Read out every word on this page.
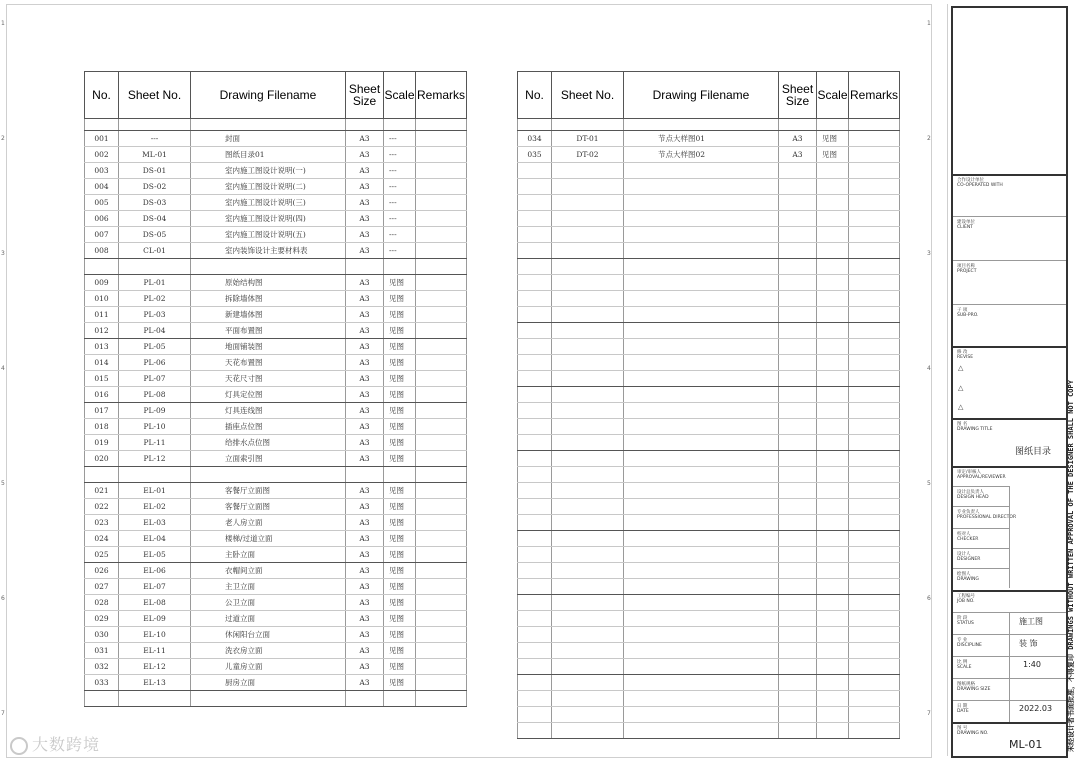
1
2
3
4
5
6
7
1
2
3
4
5
6
7
No.	Sheet No.	Drawing Filename	Sheet Size	Scale	Remarks

001	---	封面	A3	---	
002	ML-01	图纸目录01	A3	---	
003	DS-01	室内施工图设计说明(一)	A3	---	
004	DS-02	室内施工图设计说明(二)	A3	---	
005	DS-03	室内施工图设计说明(三)	A3	---	
006	DS-04	室内施工图设计说明(四)	A3	---	
007	DS-05	室内施工图设计说明(五)	A3	---	
008	CL-01	室内装饰设计主要材料表	A3	---	

009	PL-01	原始结构图	A3	见图	
010	PL-02	拆除墙体图	A3	见图	
011	PL-03	新建墙体图	A3	见图	
012	PL-04	平面布置图	A3	见图	
013	PL-05	地面铺装图	A3	见图	
014	PL-06	天花布置图	A3	见图	
015	PL-07	天花尺寸图	A3	见图	
016	PL-08	灯具定位图	A3	见图	
017	PL-09	灯具连线图	A3	见图	
018	PL-10	插座点位图	A3	见图	
019	PL-11	给排水点位图	A3	见图	
020	PL-12	立面索引图	A3	见图	

021	EL-01	客餐厅立面图	A3	见图	
022	EL-02	客餐厅立面图	A3	见图	
023	EL-03	老人房立面	A3	见图	
024	EL-04	楼梯/过道立面	A3	见图	
025	EL-05	主卧立面	A3	见图	
026	EL-06	衣帽间立面	A3	见图	
027	EL-07	主卫立面	A3	见图	
028	EL-08	公卫立面	A3	见图	
029	EL-09	过道立面	A3	见图	
030	EL-10	休闲阳台立面	A3	见图	
031	EL-11	洗衣房立面	A3	见图	
032	EL-12	儿童房立面	A3	见图	
033	EL-13	厨房立面	A3	见图	

No.	Sheet No.	Drawing Filename	Sheet Size	Scale	Remarks

034	DT-01	节点大样图01	A3	见图	
035	DT-02	节点大样图02	A3	见图	

合作设计单位
CO-OPERATED WITH
建设单位
CLIENT
项目名称
PROJECT
子 项
SUB-PRO.
修 改
REVISE
△
△
△
图 名
DRAWING TITLE
图纸目录
审定/审核人
APPROVAL/REVIEWER
设计总负责人
DESIGN HEAD
专业负责人
PROFESSIONAL DIRECTOR
校对人
CHECKER
设计人
DESIGNER
绘图人
DRAWING
工程编号
JOB NO.
阶 段
STATUS	施工图
专 业
DISCIPLINE	装 饰
比 例
SCALE	1:40
图纸规格
DRAWING SIZE
日 期
DATE	2022.03
图 号
DRAWING NO.
ML-01	未经设计者书面批准，不得复印 DRAWINGS WITHOUT WRITTEN APPROVAL OF THE DESIGNER SHALL NOT COPY
大数跨境
